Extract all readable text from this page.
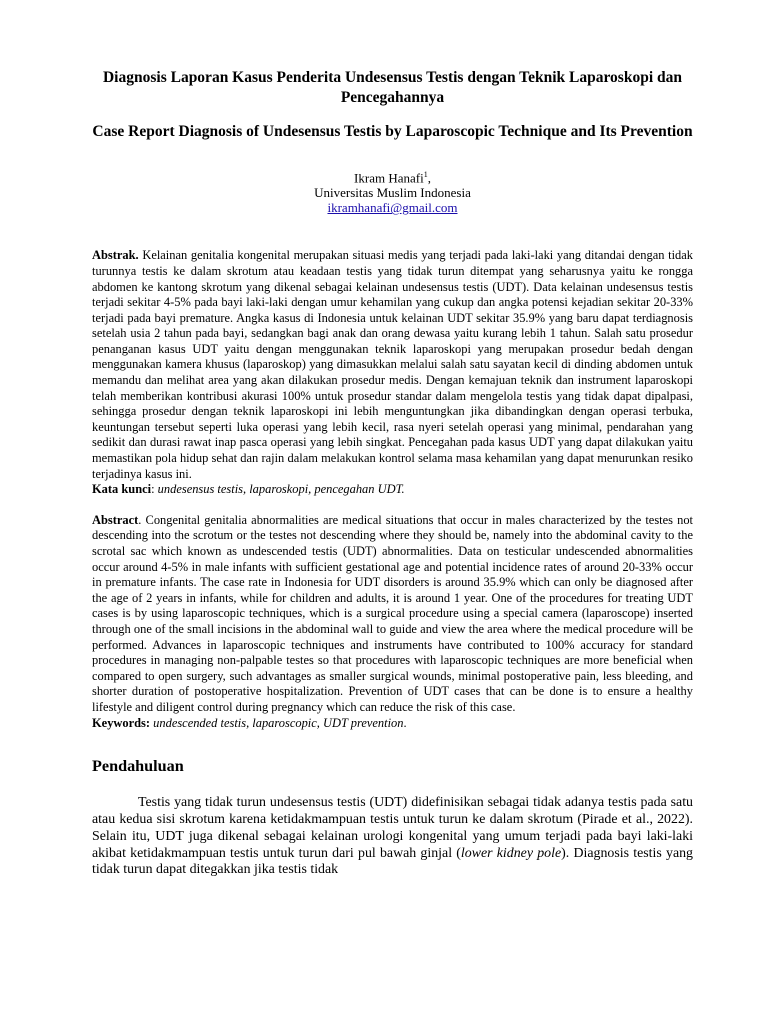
Diagnosis Laporan Kasus Penderita Undesensus Testis dengan Teknik Laparoskopi dan Pencegahannya
Case Report Diagnosis of Undesensus Testis by Laparoscopic Technique and Its Prevention
Ikram Hanafi$^1$,
Universitas Muslim Indonesia
ikramhanafi@gmail.com

Abstrak. Kelainan genitalia kongenital merupakan situasi medis yang terjadi pada laki-laki yang ditandai dengan tidak turunnya testis ke dalam skrotum atau keadaan testis yang tidak turun ditempat yang seharusnya yaitu ke rongga abdomen ke kantong skrotum yang dikenal sebagai kelainan undesensus testis (UDT). Data kelainan undesensus testis terjadi sekitar 4-5% pada bayi laki-laki dengan umur kehamilan yang cukup dan angka potensi kejadian sekitar 20-33% terjadi pada bayi premature. Angka kasus di Indonesia untuk kelainan UDT sekitar 35.9% yang baru dapat terdiagnosis setelah usia 2 tahun pada bayi, sedangkan bagi anak dan orang dewasa yaitu kurang lebih 1 tahun. Salah satu prosedur penanganan kasus UDT yaitu dengan menggunakan teknik laparoskopi yang merupakan prosedur bedah dengan menggunakan kamera khusus (laparoskop) yang dimasukkan melalui salah satu sayatan kecil di dinding abdomen untuk memandu dan melihat area yang akan dilakukan prosedur medis. Dengan kemajuan teknik dan instrument laparoskopi telah memberikan kontribusi akurasi 100% untuk prosedur standar dalam mengelola testis yang tidak dapat dipalpasi, sehingga prosedur dengan teknik laparoskopi ini lebih menguntungkan jika dibandingkan dengan operasi terbuka, keuntungan tersebut seperti luka operasi yang lebih kecil, rasa nyeri setelah operasi yang minimal, pendarahan yang sedikit dan durasi rawat inap pasca operasi yang lebih singkat. Pencegahan pada kasus UDT yang dapat dilakukan yaitu memastikan pola hidup sehat dan rajin dalam melakukan kontrol selama masa kehamilan yang dapat menurunkan resiko terjadinya kasus ini.

Kata kunci: undesensus testis, laparoskopi, pencegahan UDT.

Abstract. Congenital genitalia abnormalities are medical situations that occur in males characterized by the testes not descending into the scrotum or the testes not descending where they should be, namely into the abdominal cavity to the scrotal sac which known as undescended testis (UDT) abnormalities. Data on testicular undescended abnormalities occur around 4-5% in male infants with sufficient gestational age and potential incidence rates of around 20-33% occur in premature infants. The case rate in Indonesia for UDT disorders is around 35.9% which can only be diagnosed after the age of 2 years in infants, while for children and adults, it is around 1 year. One of the procedures for treating UDT cases is by using laparoscopic techniques, which is a surgical procedure using a special camera (laparoscope) inserted through one of the small incisions in the abdominal wall to guide and view the area where the medical procedure will be performed. Advances in laparoscopic techniques and instruments have contributed to 100% accuracy for standard procedures in managing non-palpable testes so that procedures with laparoscopic techniques are more beneficial when compared to open surgery, such advantages as smaller surgical wounds, minimal postoperative pain, less bleeding, and shorter duration of postoperative hospitalization. Prevention of UDT cases that can be done is to ensure a healthy lifestyle and diligent control during pregnancy which can reduce the risk of this case.

Keywords: undescended testis, laparoscopic, UDT prevention.

Pendahuluan

Testis yang tidak turun undesensus testis (UDT) didefinisikan sebagai tidak adanya testis pada satu atau kedua sisi skrotum karena ketidakmampuan testis untuk turun ke dalam skrotum (Pirade et al., 2022). Selain itu, UDT juga dikenal sebagai kelainan urologi kongenital yang umum terjadi pada bayi laki-laki akibat ketidakmampuan testis untuk turun dari pul bawah ginjal (lower kidney pole). Diagnosis testis yang tidak turun dapat ditegakkan jika testis tidak
